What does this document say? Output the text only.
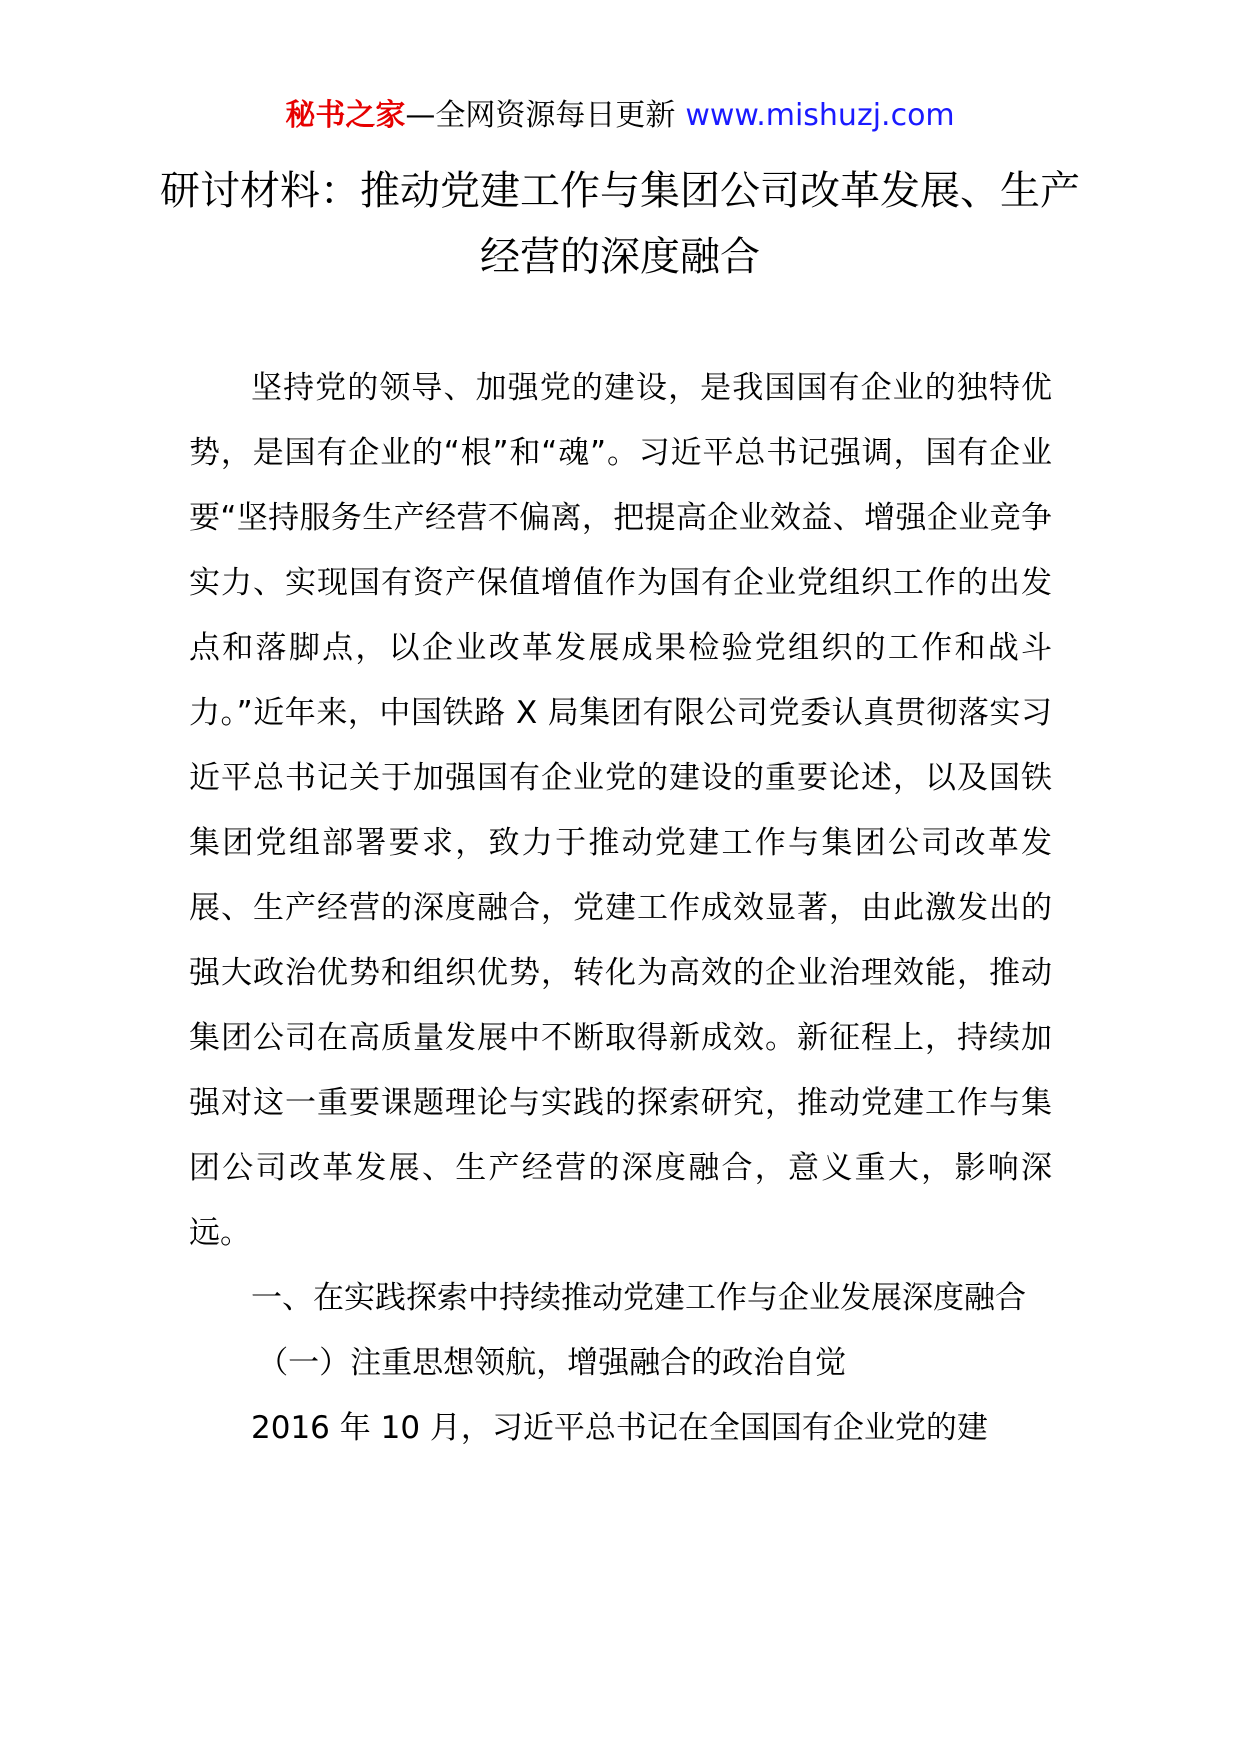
秘书之家—全网资源每日更新 www.mishuzj.com
研讨材料：推动党建工作与集团公司改革发展、生产经营的深度融合

坚持党的领导、加强党的建设，是我国国有企业的独特优势，是国有企业的“根”和“魂”。习近平总书记强调，国有企业要“坚持服务生产经营不偏离，把提高企业效益、增强企业竞争实力、实现国有资产保值增值作为国有企业党组织工作的出发点和落脚点，以企业改革发展成果检验党组织的工作和战斗力。”近年来，中国铁路 X 局集团有限公司党委认真贯彻落实习近平总书记关于加强国有企业党的建设的重要论述，以及国铁集团党组部署要求，致力于推动党建工作与集团公司改革发展、生产经营的深度融合，党建工作成效显著，由此激发出的强大政治优势和组织优势，转化为高效的企业治理效能，推动集团公司在高质量发展中不断取得新成效。新征程上，持续加强对这一重要课题理论与实践的探索研究，推动党建工作与集团公司改革发展、生产经营的深度融合，意义重大，影响深远。

一、在实践探索中持续推动党建工作与企业发展深度融合

（一）注重思想领航，增强融合的政治自觉

2016 年 10 月，习近平总书记在全国国有企业党的建
